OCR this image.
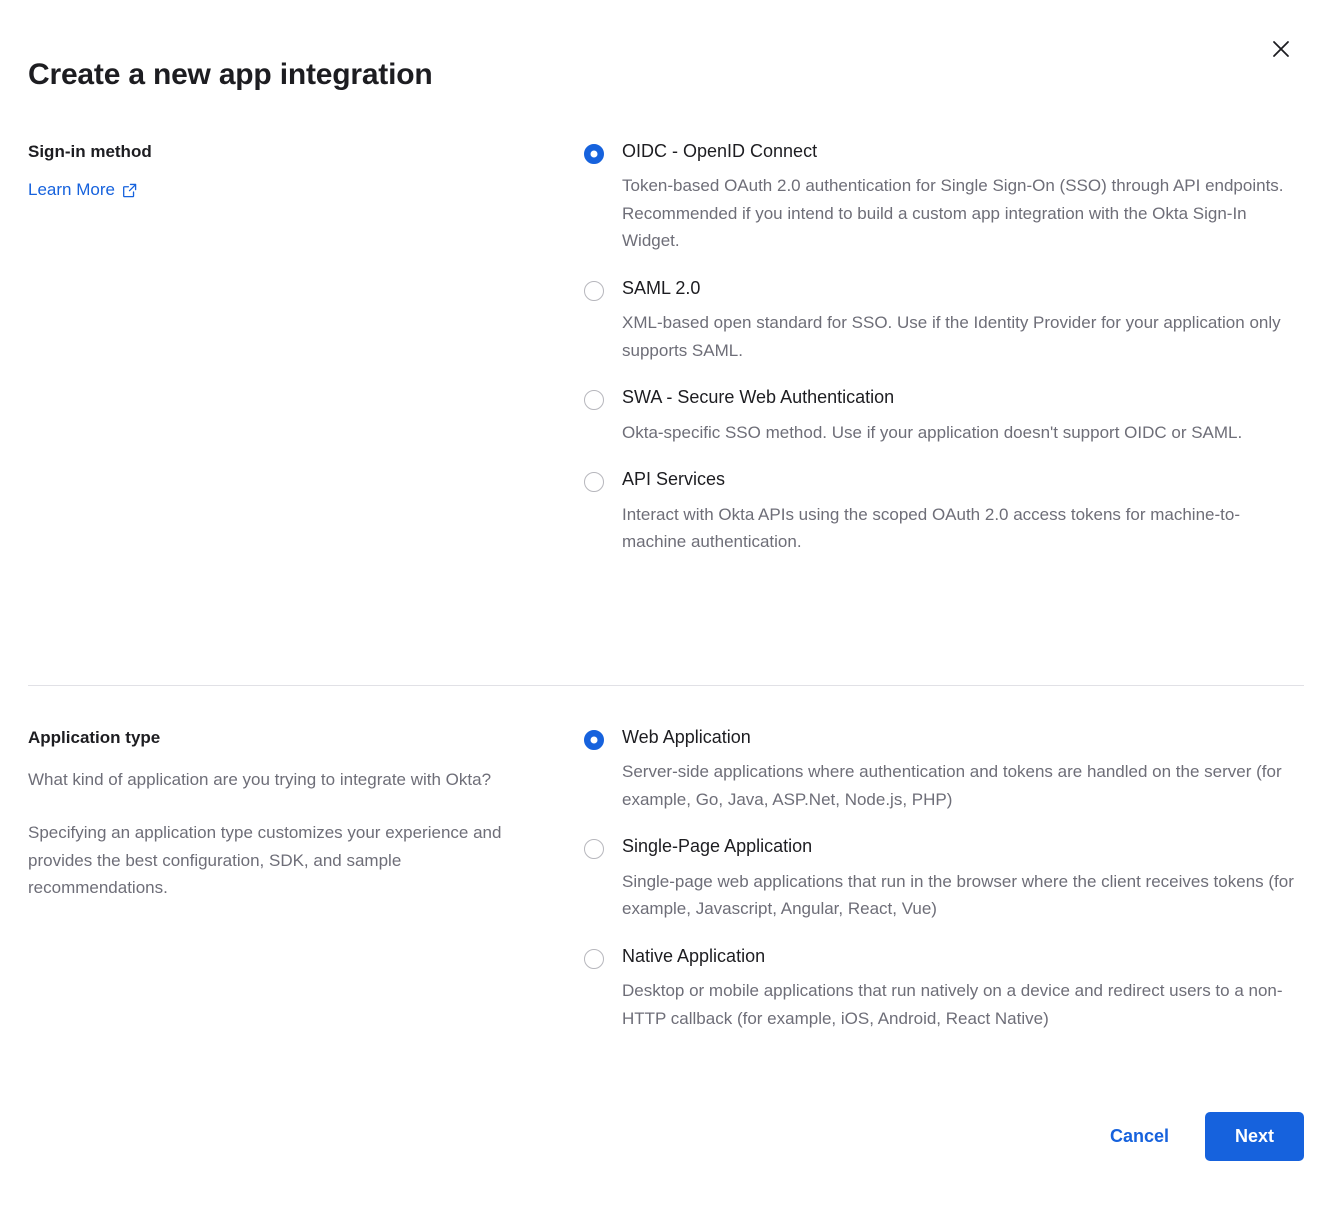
Create a new app integration
Sign-in method
Learn More

OIDC - OpenID Connect

Token-based OAuth 2.0 authentication for Single Sign-On (SSO) through API endpoints. Recommended if you intend to build a custom app integration with the Okta Sign-In Widget.

SAML 2.0

XML-based open standard for SSO. Use if the Identity Provider for your application only supports SAML.

SWA - Secure Web Authentication

Okta-specific SSO method. Use if your application doesn't support OIDC or SAML.

API Services

Interact with Okta APIs using the scoped OAuth 2.0 access tokens for machine-to-machine authentication.

Application type

What kind of application are you trying to integrate with Okta?

Specifying an application type customizes your experience and provides the best configuration, SDK, and sample recommendations.

Web Application

Server-side applications where authentication and tokens are handled on the server (for example, Go, Java, ASP.Net, Node.js, PHP)

Single-Page Application

Single-page web applications that run in the browser where the client receives tokens (for example, Javascript, Angular, React, Vue)

Native Application

Desktop or mobile applications that run natively on a device and redirect users to a non-HTTP callback (for example, iOS, Android, React Native)

Cancel	Next
